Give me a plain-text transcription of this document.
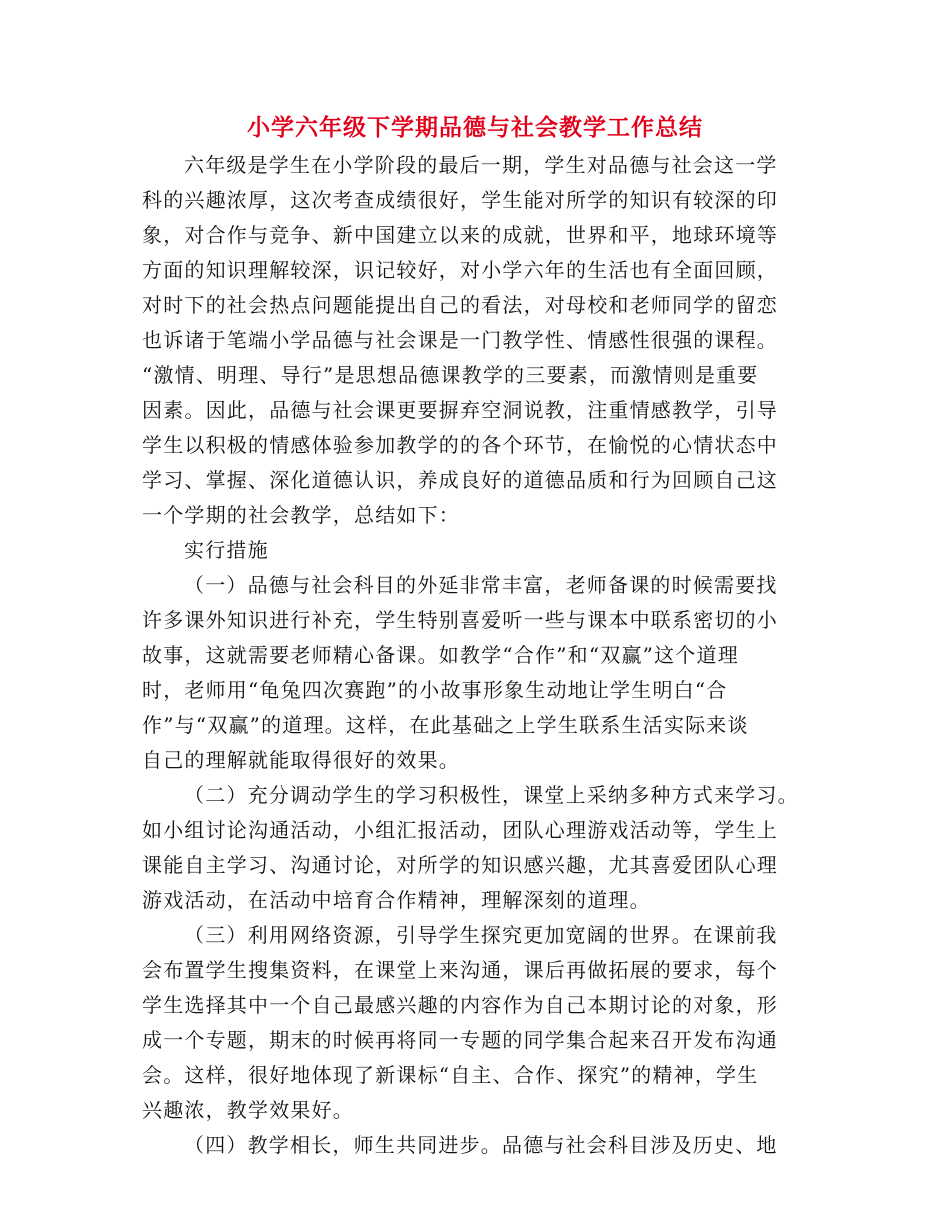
小学六年级下学期品德与社会教学工作总结
六年级是学生在小学阶段的最后一期，学生对品德与社会这一学
科的兴趣浓厚，这次考查成绩很好，学生能对所学的知识有较深的印
象，对合作与竞争、新中国建立以来的成就，世界和平，地球环境等
方面的知识理解较深，识记较好，对小学六年的生活也有全面回顾，
对时下的社会热点问题能提出自己的看法，对母校和老师同学的留恋
也诉诸于笔端小学品德与社会课是一门教学性、情感性很强的课程。
“激情、明理、导行”是思想品德课教学的三要素，而激情则是重要
因素。因此，品德与社会课更要摒弃空洞说教，注重情感教学，引导
学生以积极的情感体验参加教学的的各个环节，在愉悦的心情状态中
学习、掌握、深化道德认识，养成良好的道德品质和行为回顾自己这
一个学期的社会教学，总结如下：
实行措施
（一）品德与社会科目的外延非常丰富，老师备课的时候需要找
许多课外知识进行补充，学生特别喜爱听一些与课本中联系密切的小
故事，这就需要老师精心备课。如教学“合作”和“双赢”这个道理
时，老师用“龟兔四次赛跑”的小故事形象生动地让学生明白“合
作”与“双赢”的道理。这样，在此基础之上学生联系生活实际来谈
自己的理解就能取得很好的效果。
（二）充分调动学生的学习积极性，课堂上采纳多种方式来学习。
如小组讨论沟通活动，小组汇报活动，团队心理游戏活动等，学生上
课能自主学习、沟通讨论，对所学的知识感兴趣，尤其喜爱团队心理
游戏活动，在活动中培育合作精神，理解深刻的道理。
（三）利用网络资源，引导学生探究更加宽阔的世界。在课前我
会布置学生搜集资料，在课堂上来沟通，课后再做拓展的要求，每个
学生选择其中一个自己最感兴趣的内容作为自己本期讨论的对象，形
成一个专题，期末的时候再将同一专题的同学集合起来召开发布沟通
会。这样，很好地体现了新课标“自主、合作、探究”的精神，学生
兴趣浓，教学效果好。
（四）教学相长，师生共同进步。品德与社会科目涉及历史、地
